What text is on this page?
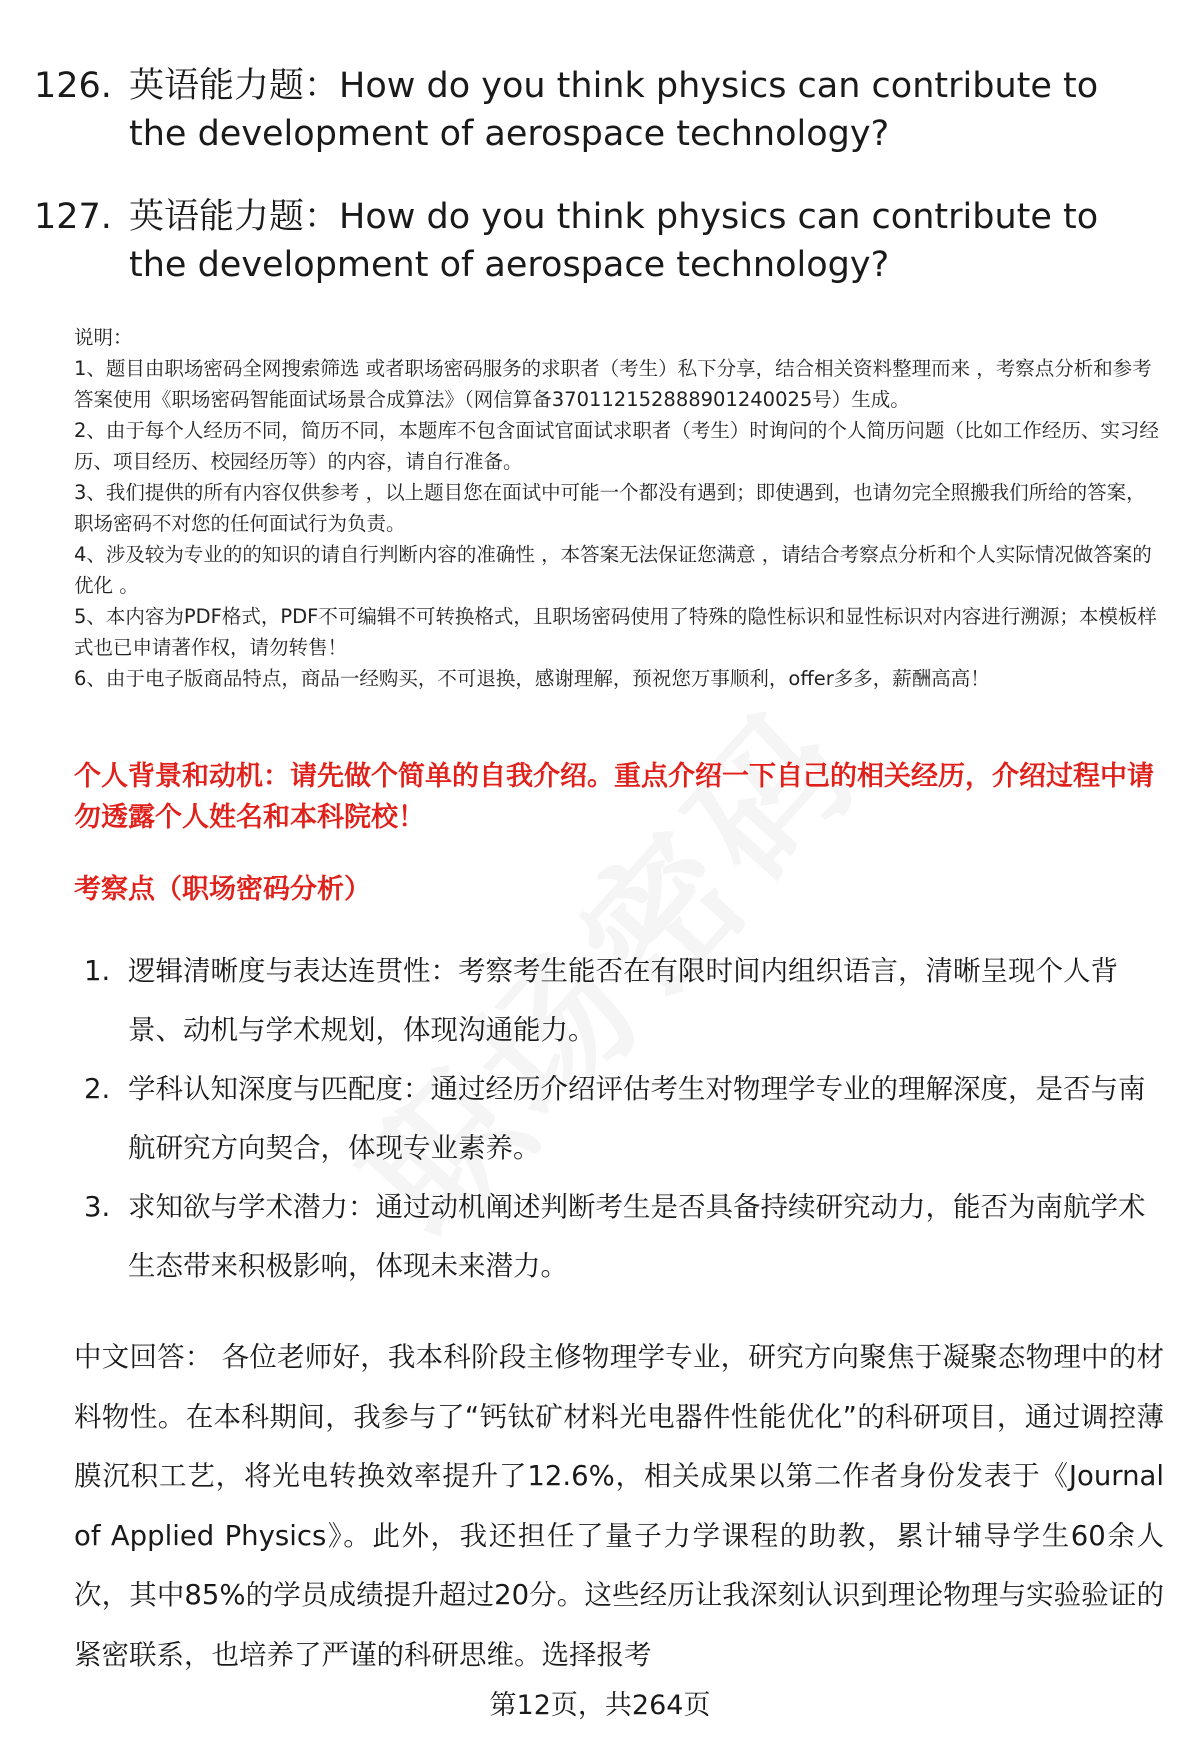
126. 英语能力题：How do you think physics can contribute to the development of aerospace technology?
127. 英语能力题：How do you think physics can contribute to the development of aerospace technology?

说明：

1、题目由职场密码全网搜索筛选 或者职场密码服务的求职者（考生）私下分享，结合相关资料整理而来 ，考察点分析和参考答案使用《职场密码智能面试场景合成算法》（网信算备370112152888901240025号）生成。

2、由于每个人经历不同，简历不同，本题库不包含面试官面试求职者（考生）时询问的个人简历问题（比如工作经历、实习经历、项目经历、校园经历等）的内容，请自行准备。

3、我们提供的所有内容仅供参考 ，以上题目您在面试中可能一个都没有遇到；即使遇到，也请勿完全照搬我们所给的答案，职场密码不对您的任何面试行为负责。

4、涉及较为专业的的知识的请自行判断内容的准确性 ，本答案无法保证您满意 ，请结合考察点分析和个人实际情况做答案的优化 。

5、本内容为PDF格式，PDF不可编辑不可转换格式，且职场密码使用了特殊的隐性标识和显性标识对内容进行溯源；本模板样式也已申请著作权，请勿转售！

6、由于电子版商品特点，商品一经购买，不可退换，感谢理解，预祝您万事顺利，offer多多，薪酬高高！

个人背景和动机：请先做个简单的自我介绍。重点介绍一下自己的相关经历，介绍过程中请勿透露个人姓名和本科院校！

考察点（职场密码分析）

1. 逻辑清晰度与表达连贯性：考察考生能否在有限时间内组织语言，清晰呈现个人背景、动机与学术规划，体现沟通能力。
2. 学科认知深度与匹配度：通过经历介绍评估考生对物理学专业的理解深度，是否与南航研究方向契合，体现专业素养。
3. 求知欲与学术潜力：通过动机阐述判断考生是否具备持续研究动力，能否为南航学术生态带来积极影响，体现未来潜力。

中文回答： 各位老师好，我本科阶段主修物理学专业，研究方向聚焦于凝聚态物理中的材料物性。在本科期间，我参与了“钙钛矿材料光电器件性能优化”的科研项目，通过调控薄膜沉积工艺，将光电转换效率提升了12.6%，相关成果以第二作者身份发表于《Journal of Applied Physics》。此外，我还担任了量子力学课程的助教，累计辅导学生60余人次，其中85%的学员成绩提升超过20分。这些经历让我深刻认识到理论物理与实验验证的紧密联系，也培养了严谨的科研思维。选择报考

第12页，共264页
